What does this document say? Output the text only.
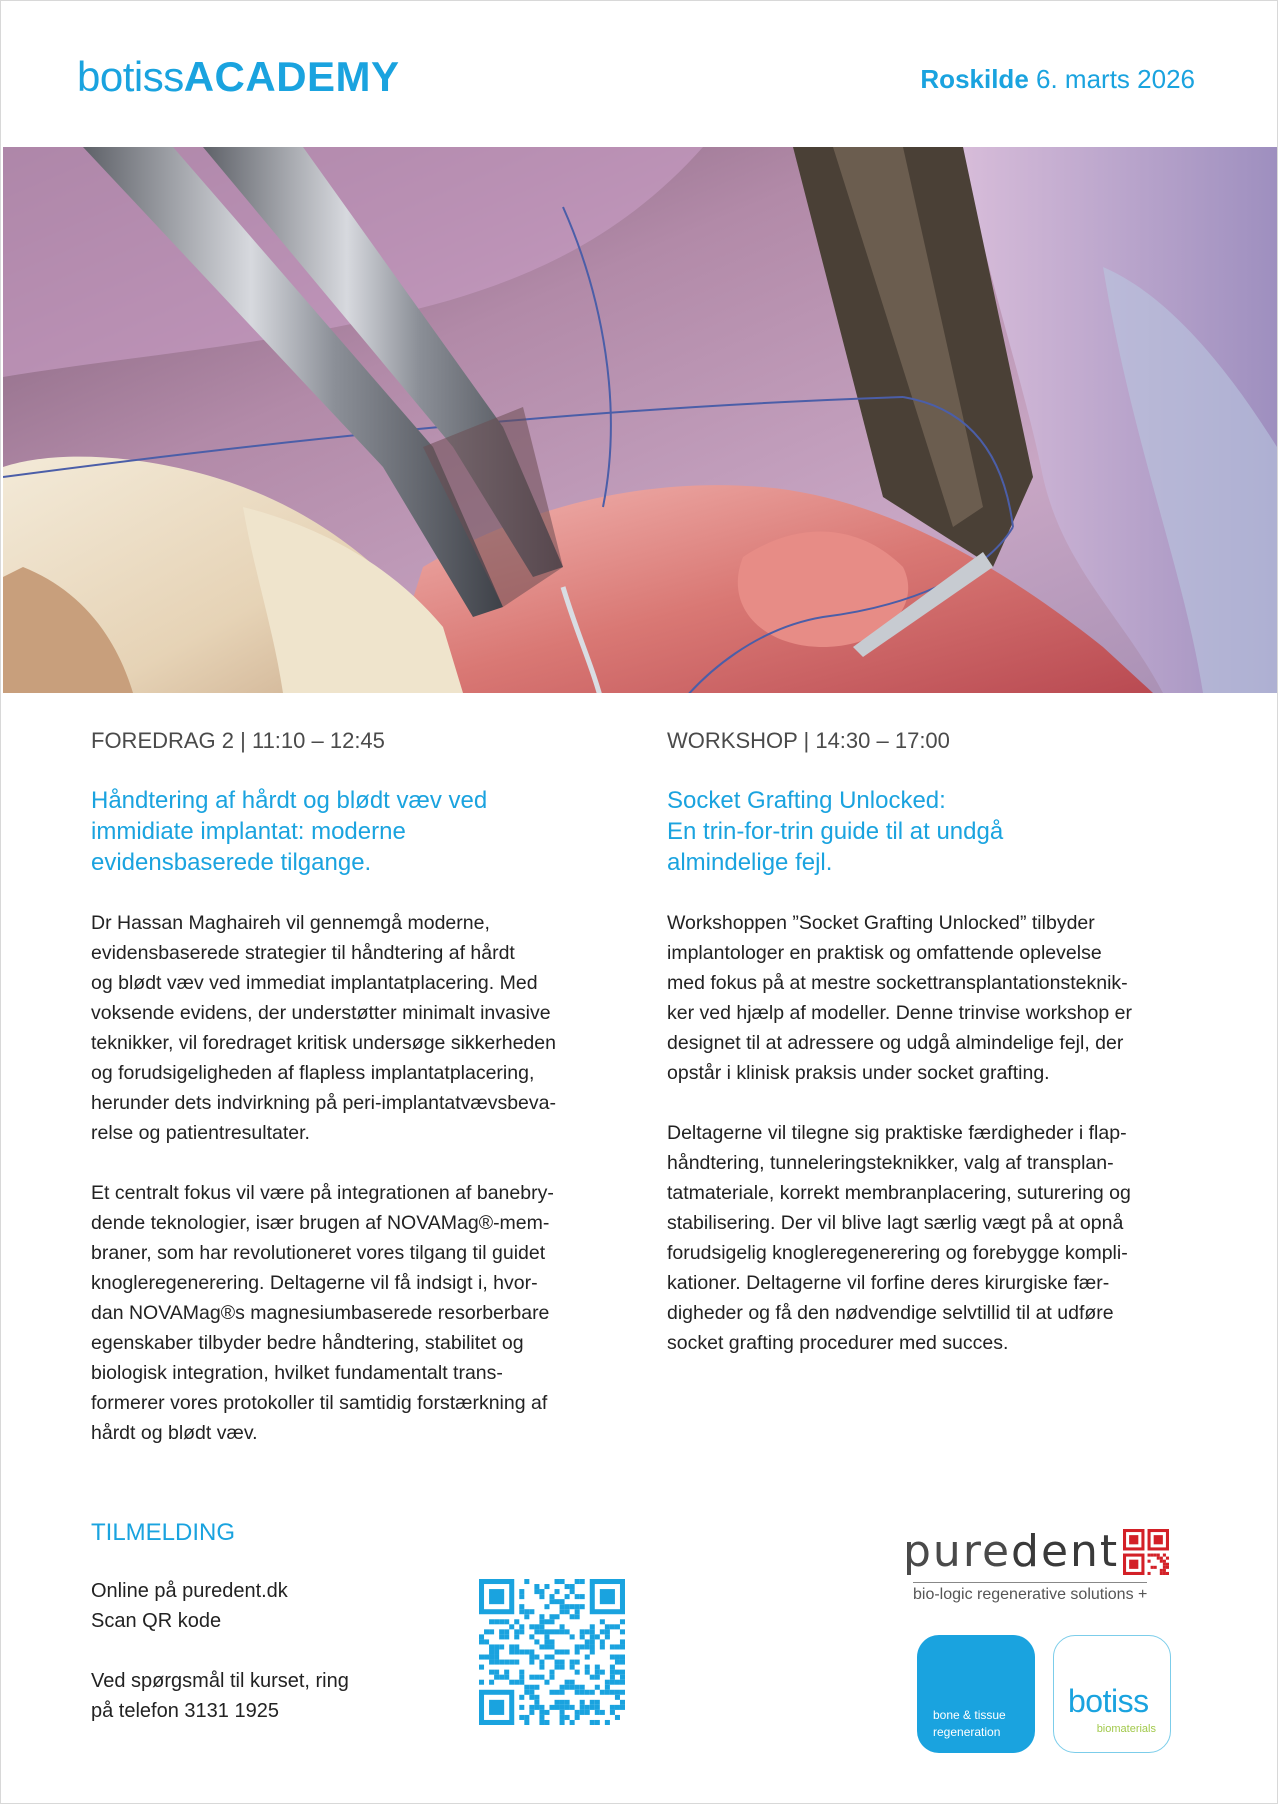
botissACADEMY	Roskilde 6. marts 2026
FOREDRAG 2 | 11:10 – 12:45
Håndtering af hårdt og blødt væv ved
immidiate implantat: moderne
evidensbaserede tilgange.
Dr Hassan Maghaireh vil gennemgå moderne,
evidensbaserede strategier til håndtering af hårdt
og blødt væv ved immediat implantatplacering. Med
voksende evidens, der understøtter minimalt invasive
teknikker, vil foredraget kritisk undersøge sikkerheden
og forudsigeligheden af flapless implantatplacering,
herunder dets indvirkning på peri-implantatvævsbeva-
relse og patientresultater.
Et centralt fokus vil være på integrationen af banebry-
dende teknologier, især brugen af NOVAMag®-mem-
braner, som har revolutioneret vores tilgang til guidet
knogleregenerering. Deltagerne vil få indsigt i, hvor-
dan NOVAMag®s magnesiumbaserede resorberbare
egenskaber tilbyder bedre håndtering, stabilitet og
biologisk integration, hvilket fundamentalt trans-
formerer vores protokoller til samtidig forstærkning af
hårdt og blødt væv.
WORKSHOP | 14:30 – 17:00
Socket Grafting Unlocked:
En trin-for-trin guide til at undgå
almindelige fejl.
Workshoppen ”Socket Grafting Unlocked” tilbyder
implantologer en praktisk og omfattende oplevelse
med fokus på at mestre sockettransplantationsteknik-
ker ved hjælp af modeller. Denne trinvise workshop er
designet til at adressere og udgå almindelige fejl, der
opstår i klinisk praksis under socket grafting.
Deltagerne vil tilegne sig praktiske færdigheder i flap-
håndtering, tunneleringsteknikker, valg af transplan-
tatmateriale, korrekt membranplacering, suturering og
stabilisering. Der vil blive lagt særlig vægt på at opnå
forudsigelig knogleregenerering og forebygge kompli-
kationer. Deltagerne vil forfine deres kirurgiske fær-
digheder og få den nødvendige selvtillid til at udføre
socket grafting procedurer med succes.
TILMELDING
Online på puredent.dk
Scan QR kode
Ved spørgsmål til kurset, ring
på telefon 3131 1925
puredent
bio-logic regenerative solutions +
bone & tissue
regeneration
botiss
biomaterials
